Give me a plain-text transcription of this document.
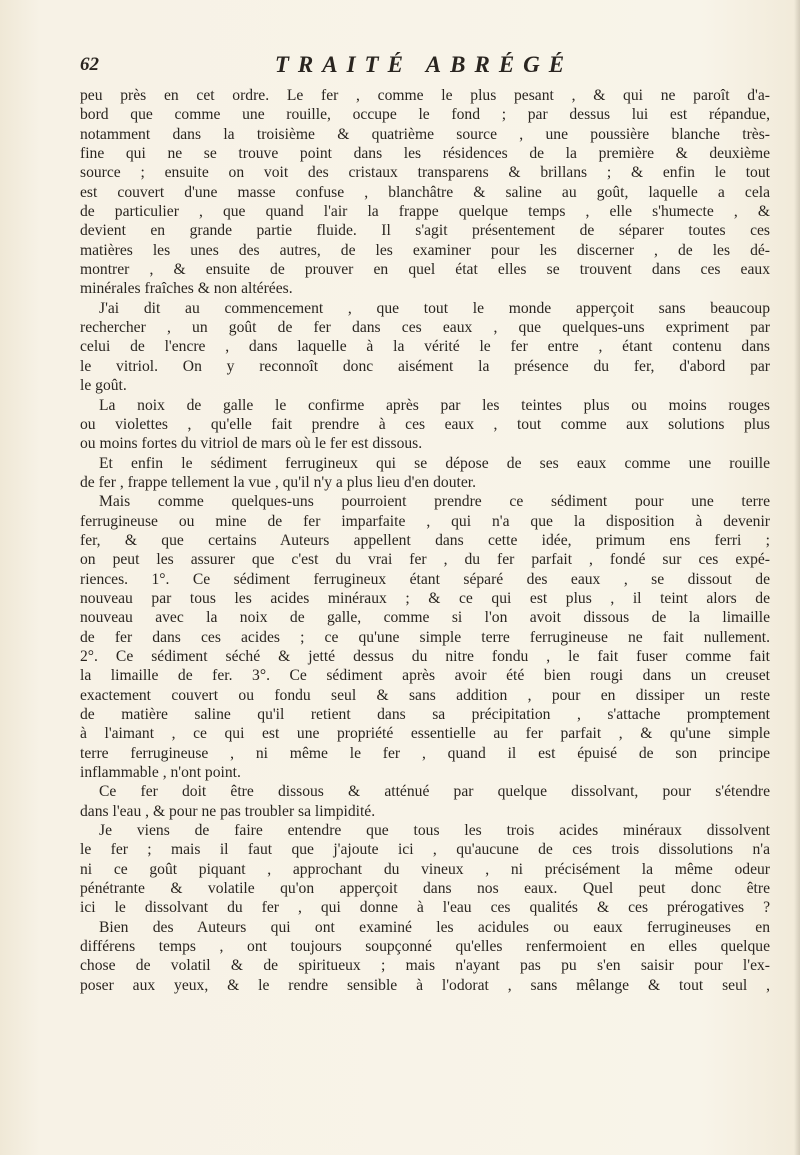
62	TRAITÉ ABRÉGÉ
peu près en cet ordre. Le fer , comme le plus pesant , & qui ne paroît d'a-
bord que comme une rouille, occupe le fond ; par dessus lui est répandue,
notamment dans la troisième & quatrième source , une poussière blanche très-
fine qui ne se trouve point dans les résidences de la première & deuxième
source ; ensuite on voit des cristaux transparens & brillans ; & enfin le tout
est couvert d'une masse confuse , blanchâtre & saline au goût, laquelle a cela
de particulier , que quand l'air la frappe quelque temps , elle s'humecte , &
devient en grande partie fluide. Il s'agit présentement de séparer toutes ces
matières les unes des autres, de les examiner pour les discerner , de les dé-
montrer , & ensuite de prouver en quel état elles se trouvent dans ces eaux
minérales fraîches & non altérées.
J'ai dit au commencement , que tout le monde apperçoit sans beaucoup
rechercher , un goût de fer dans ces eaux , que quelques-uns expriment par
celui de l'encre , dans laquelle à la vérité le fer entre , étant contenu dans
le vitriol. On y reconnoît donc aisément la présence du fer, d'abord par
le goût.
La noix de galle le confirme après par les teintes plus ou moins rouges
ou violettes , qu'elle fait prendre à ces eaux , tout comme aux solutions plus
ou moins fortes du vitriol de mars où le fer est dissous.
Et enfin le sédiment ferrugineux qui se dépose de ses eaux comme une rouille
de fer , frappe tellement la vue , qu'il n'y a plus lieu d'en douter.
Mais comme quelques-uns pourroient prendre ce sédiment pour une terre
ferrugineuse ou mine de fer imparfaite , qui n'a que la disposition à devenir
fer, & que certains Auteurs appellent dans cette idée, primum ens ferri ;
on peut les assurer que c'est du vrai fer , du fer parfait , fondé sur ces expé-
riences. 1°. Ce sédiment ferrugineux étant séparé des eaux , se dissout de
nouveau par tous les acides minéraux ; & ce qui est plus , il teint alors de
nouveau avec la noix de galle, comme si l'on avoit dissous de la limaille
de fer dans ces acides ; ce qu'une simple terre ferrugineuse ne fait nullement.
2°. Ce sédiment séché & jetté dessus du nitre fondu , le fait fuser comme fait
la limaille de fer. 3°. Ce sédiment après avoir été bien rougi dans un creuset
exactement couvert ou fondu seul & sans addition , pour en dissiper un reste
de matière saline qu'il retient dans sa précipitation , s'attache promptement
à l'aimant , ce qui est une propriété essentielle au fer parfait , & qu'une simple
terre ferrugineuse , ni même le fer , quand il est épuisé de son principe
inflammable , n'ont point.
Ce fer doit être dissous & atténué par quelque dissolvant, pour s'étendre
dans l'eau , & pour ne pas troubler sa limpidité.
Je viens de faire entendre que tous les trois acides minéraux dissolvent
le fer ; mais il faut que j'ajoute ici , qu'aucune de ces trois dissolutions n'a
ni ce goût piquant , approchant du vineux , ni précisément la même odeur
pénétrante & volatile qu'on apperçoit dans nos eaux. Quel peut donc être
ici le dissolvant du fer , qui donne à l'eau ces qualités & ces prérogatives ?
Bien des Auteurs qui ont examiné les acidules ou eaux ferrugineuses en
différens temps , ont toujours soupçonné qu'elles renfermoient en elles quelque
chose de volatil & de spiritueux ; mais n'ayant pas pu s'en saisir pour l'ex-
poser aux yeux, & le rendre sensible à l'odorat , sans mêlange & tout seul ,
